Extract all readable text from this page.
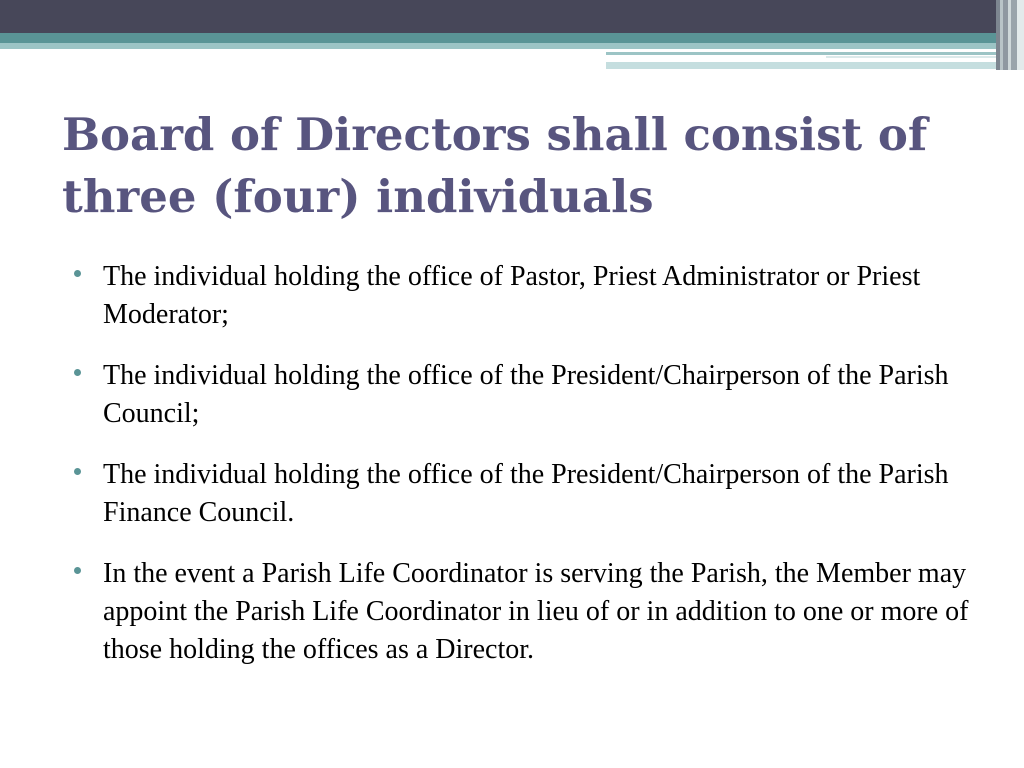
Board of Directors shall consist of three (four) individuals
The individual holding the office of Pastor, Priest Administrator or Priest Moderator;
The individual holding the office of the President/Chairperson of the Parish Council;
The individual holding the office of the President/Chairperson of the Parish Finance Council.
In the event a Parish Life Coordinator is serving the Parish, the Member may appoint the Parish Life Coordinator in lieu of or in addition to one or more of those holding the offices as a Director.
